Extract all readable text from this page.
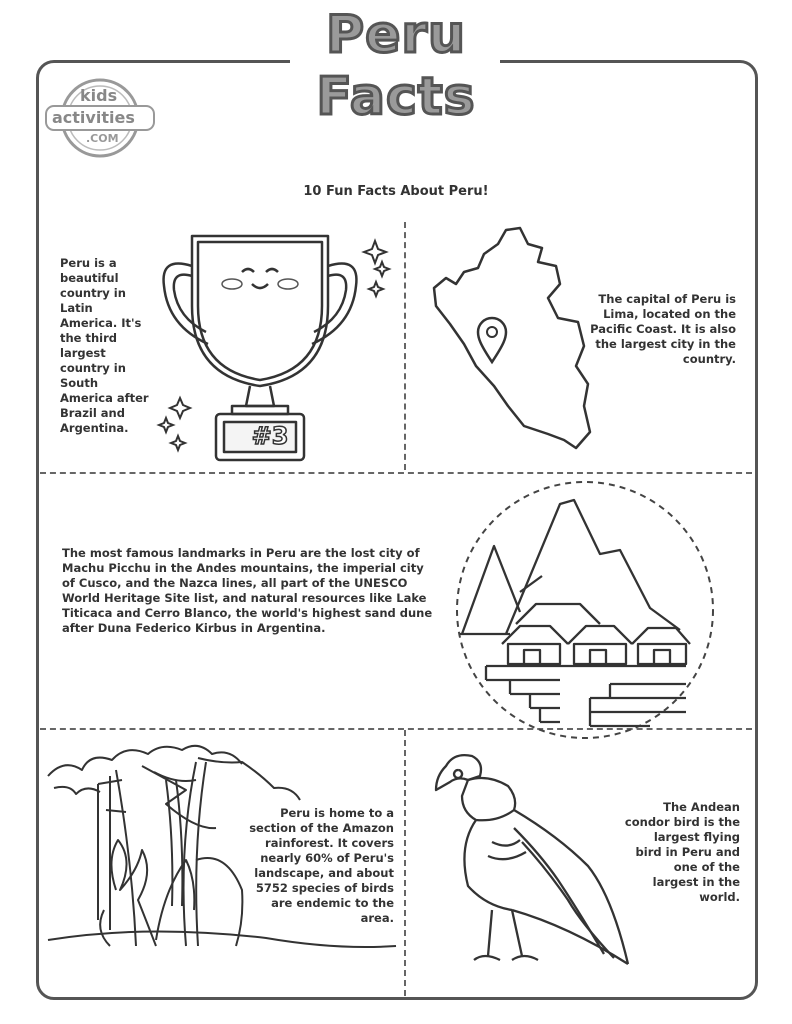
Peru
Facts
kids
activities
.COM
10 Fun Facts About Peru!
Peru is a beautiful country in Latin America. It's the third largest country in South America after Brazil and Argentina.	#3
The capital of Peru is Lima, located on the Pacific Coast. It is also the largest city in the country.
The most famous landmarks in Peru are the lost city of Machu Picchu in the Andes mountains, the imperial city of Cusco, and the Nazca lines, all part of the UNESCO World Heritage Site list, and natural resources like Lake Titicaca and Cerro Blanco, the world's highest sand dune after Duna Federico Kirbus in Argentina.
Peru is home to a section of the Amazon rainforest. It covers nearly 60% of Peru's landscape, and about 5752 species of birds are endemic to the area.
The Andean condor bird is the largest flying bird in Peru and one of the largest in the world.
